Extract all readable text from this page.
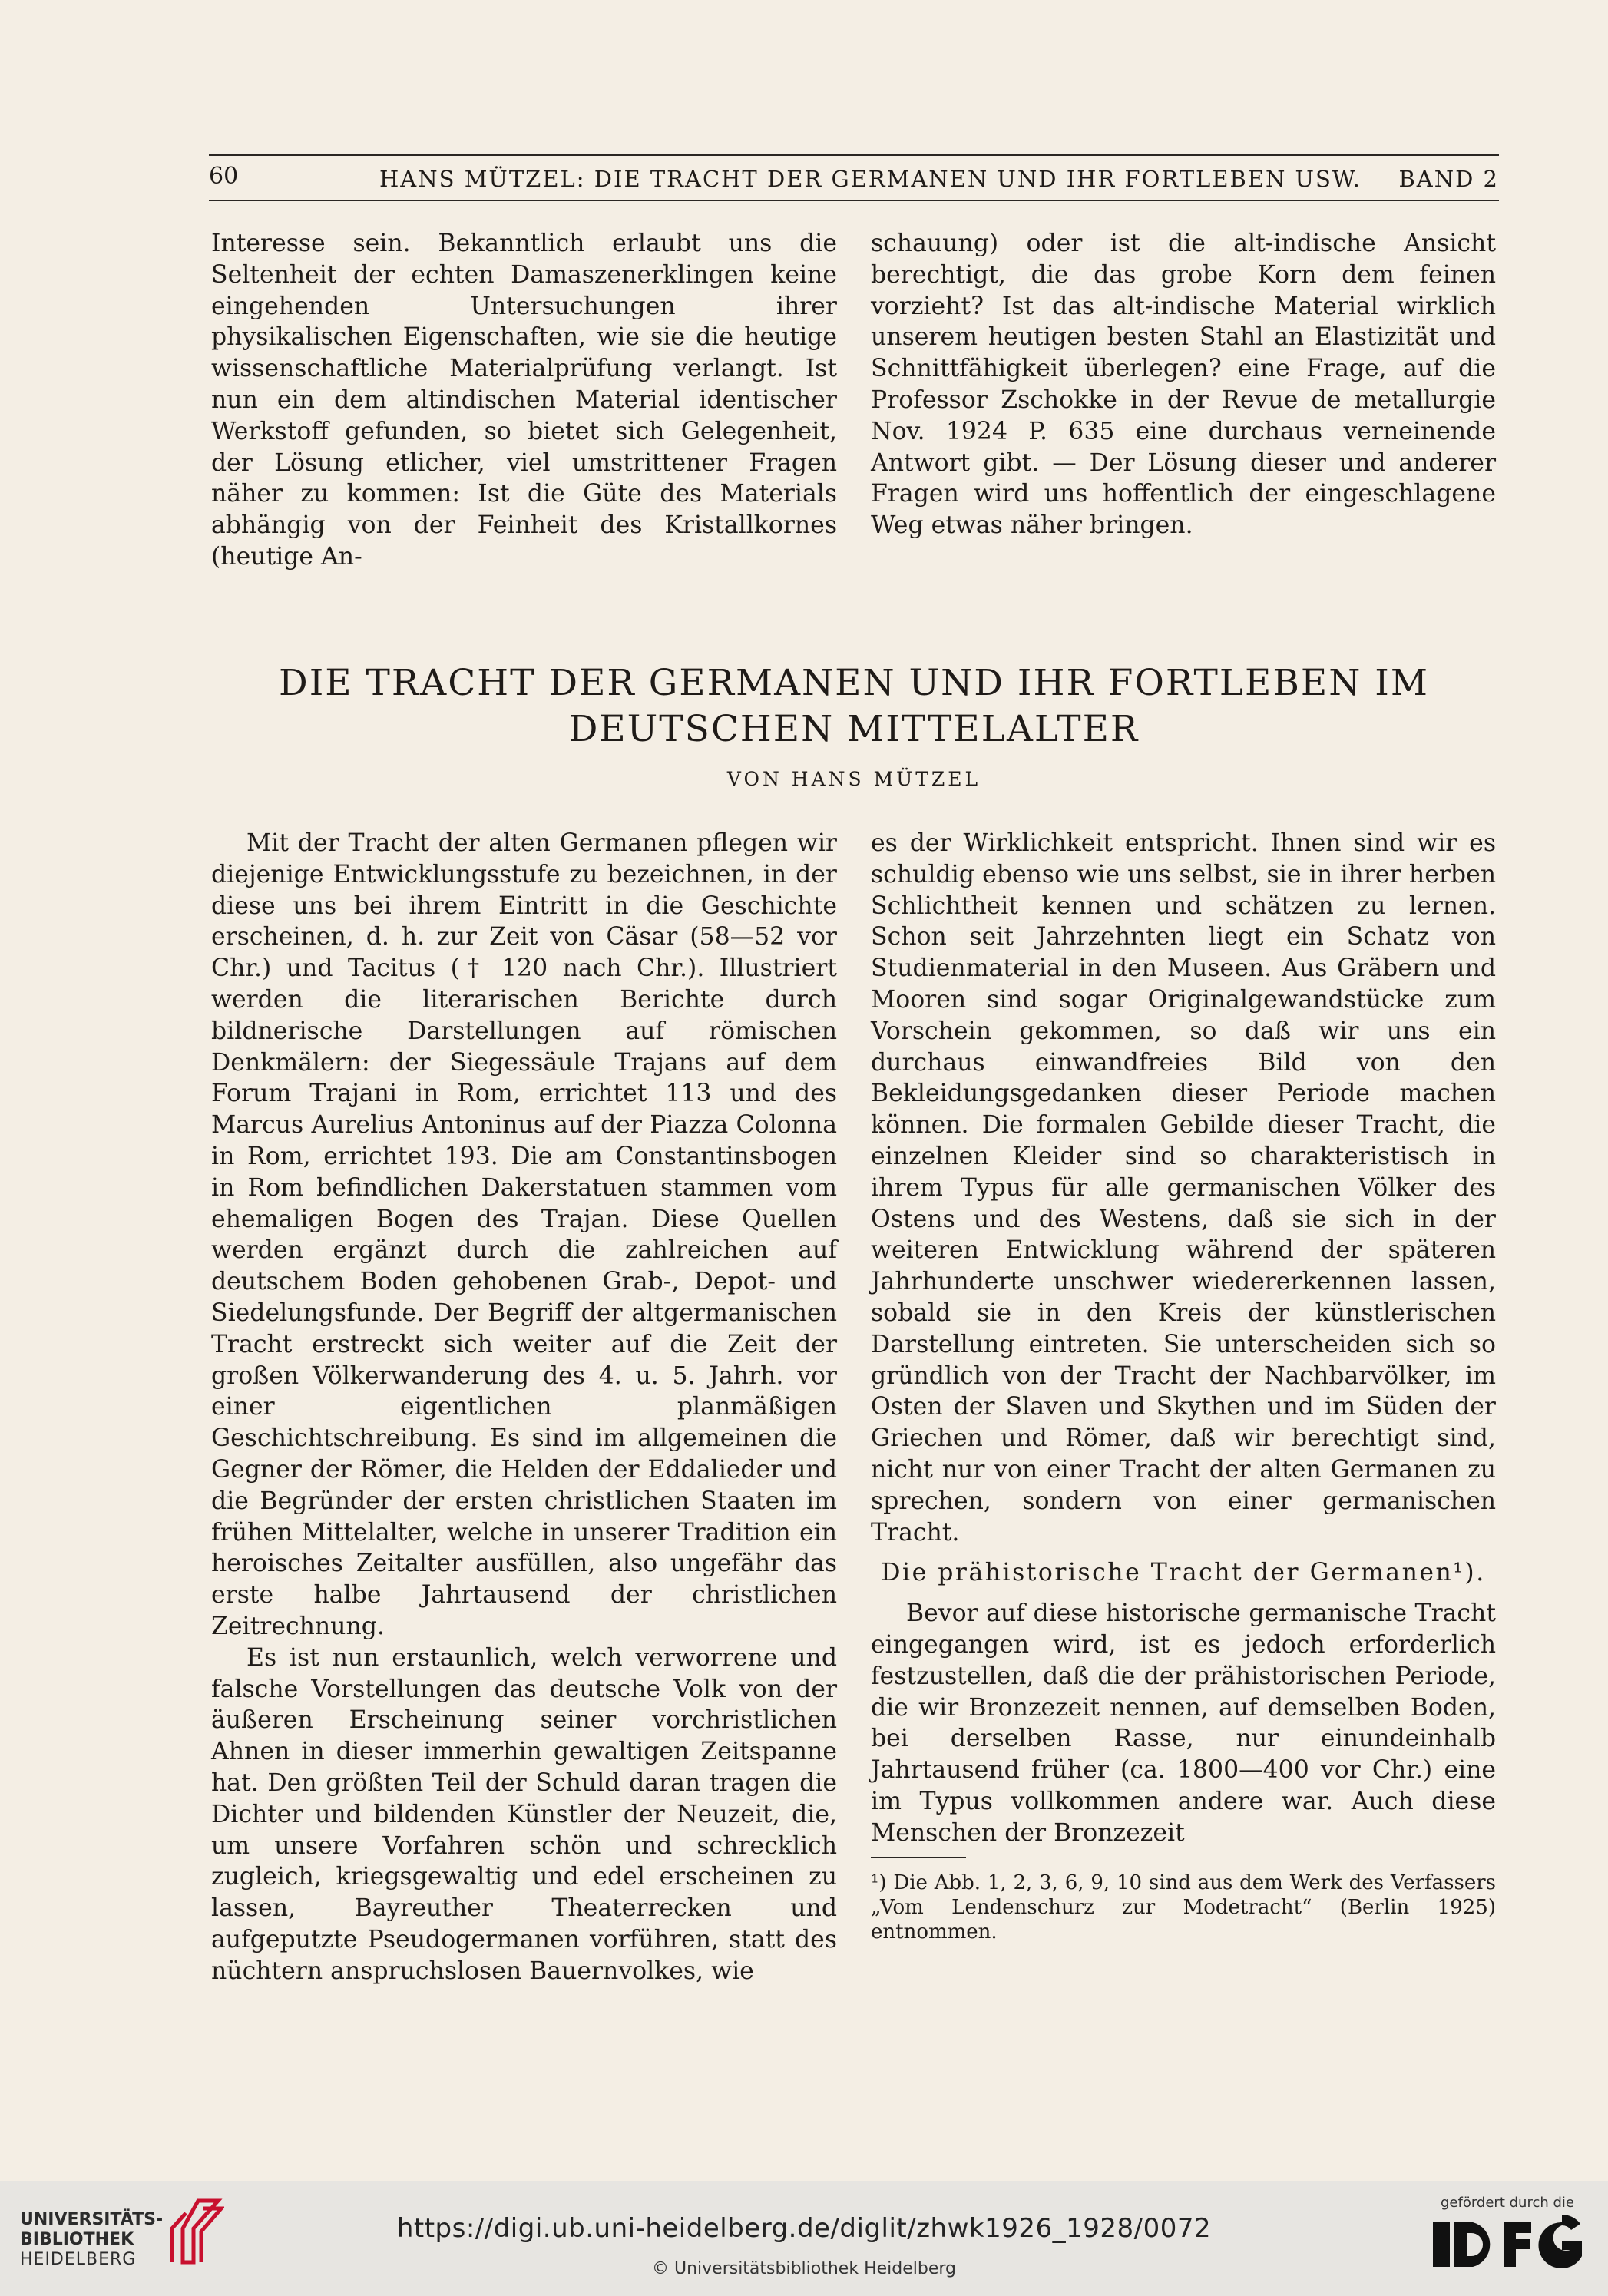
60	HANS MÜTZEL: DIE TRACHT DER GERMANEN UND IHR FORTLEBEN USW. BAND 2

Interesse sein. Bekanntlich erlaubt uns die Seltenheit der echten Damaszenerklingen keine eingehenden Untersuchungen ihrer physikalischen Eigenschaften, wie sie die heutige wissenschaftliche Materialprüfung verlangt. Ist nun ein dem altindischen Material identischer Werkstoff gefunden, so bietet sich Gelegenheit, der Lösung etlicher, viel umstrittener Fragen näher zu kommen: Ist die Güte des Materials abhängig von der Feinheit des Kristallkornes (heutige An-

schauung) oder ist die alt-indische Ansicht berechtigt, die das grobe Korn dem feinen vorzieht? Ist das alt-indische Material wirklich unserem heutigen besten Stahl an Elastizität und Schnittfähigkeit überlegen? eine Frage, auf die Professor Zschokke in der Revue de metallurgie Nov. 1924 P. 635 eine durchaus verneinende Antwort gibt. — Der Lösung dieser und anderer Fragen wird uns hoffentlich der eingeschlagene Weg etwas näher bringen.

DIE TRACHT DER GERMANEN UND IHR FORTLEBEN IM DEUTSCHEN MITTELALTER
VON HANS MÜTZEL

Mit der Tracht der alten Germanen pflegen wir diejenige Entwicklungsstufe zu bezeichnen, in der diese uns bei ihrem Eintritt in die Geschichte erscheinen, d. h. zur Zeit von Cäsar (58—52 vor Chr.) und Tacitus († 120 nach Chr.). Illustriert werden die literarischen Berichte durch bildnerische Darstellungen auf römischen Denkmälern: der Siegessäule Trajans auf dem Forum Trajani in Rom, errichtet 113 und des Marcus Aurelius Antoninus auf der Piazza Colonna in Rom, errichtet 193. Die am Constantinsbogen in Rom befindlichen Dakerstatuen stammen vom ehemaligen Bogen des Trajan. Diese Quellen werden ergänzt durch die zahlreichen auf deutschem Boden gehobenen Grab-, Depot- und Siedelungsfunde. Der Begriff der altgermanischen Tracht erstreckt sich weiter auf die Zeit der großen Völkerwanderung des 4. u. 5. Jahrh. vor einer eigentlichen planmäßigen Geschichtschreibung. Es sind im allgemeinen die Gegner der Römer, die Helden der Eddalieder und die Begründer der ersten christlichen Staaten im frühen Mittelalter, welche in unserer Tradition ein heroisches Zeitalter ausfüllen, also ungefähr das erste halbe Jahrtausend der christlichen Zeitrechnung.

Es ist nun erstaunlich, welch verworrene und falsche Vorstellungen das deutsche Volk von der äußeren Erscheinung seiner vorchristlichen Ahnen in dieser immerhin gewaltigen Zeitspanne hat. Den größten Teil der Schuld daran tragen die Dichter und bildenden Künstler der Neuzeit, die, um unsere Vorfahren schön und schrecklich zugleich, kriegsgewaltig und edel erscheinen zu lassen, Bayreuther Theaterrecken und aufgeputzte Pseudogermanen vorführen, statt des nüchtern anspruchslosen Bauernvolkes, wie

es der Wirklichkeit entspricht. Ihnen sind wir es schuldig ebenso wie uns selbst, sie in ihrer herben Schlichtheit kennen und schätzen zu lernen. Schon seit Jahrzehnten liegt ein Schatz von Studienmaterial in den Museen. Aus Gräbern und Mooren sind sogar Originalgewandstücke zum Vorschein gekommen, so daß wir uns ein durchaus einwandfreies Bild von den Bekleidungsgedanken dieser Periode machen können. Die formalen Gebilde dieser Tracht, die einzelnen Kleider sind so charakteristisch in ihrem Typus für alle germanischen Völker des Ostens und des Westens, daß sie sich in der weiteren Entwicklung während der späteren Jahrhunderte unschwer wiedererkennen lassen, sobald sie in den Kreis der künstlerischen Darstellung eintreten. Sie unterscheiden sich so gründlich von der Tracht der Nachbarvölker, im Osten der Slaven und Skythen und im Süden der Griechen und Römer, daß wir berechtigt sind, nicht nur von einer Tracht der alten Germanen zu sprechen, sondern von einer germanischen Tracht.

Die prähistorische Tracht der Germanen¹).

Bevor auf diese historische germanische Tracht eingegangen wird, ist es jedoch erforderlich festzustellen, daß die der prähistorischen Periode, die wir Bronzezeit nennen, auf demselben Boden, bei derselben Rasse, nur einundeinhalb Jahrtausend früher (ca. 1800—400 vor Chr.) eine im Typus vollkommen andere war. Auch diese Menschen der Bronzezeit

¹) Die Abb. 1, 2, 3, 6, 9, 10 sind aus dem Werk des Verfassers „Vom Lendenschurz zur Modetracht“ (Berlin 1925) entnommen.
UNIVERSITÄTS-
BIBLIOTHEK
HEIDELBERG
https://digi.ub.uni-heidelberg.de/diglit/zhwk1926_1928/0072
© Universitätsbibliothek Heidelberg
gefördert durch die
